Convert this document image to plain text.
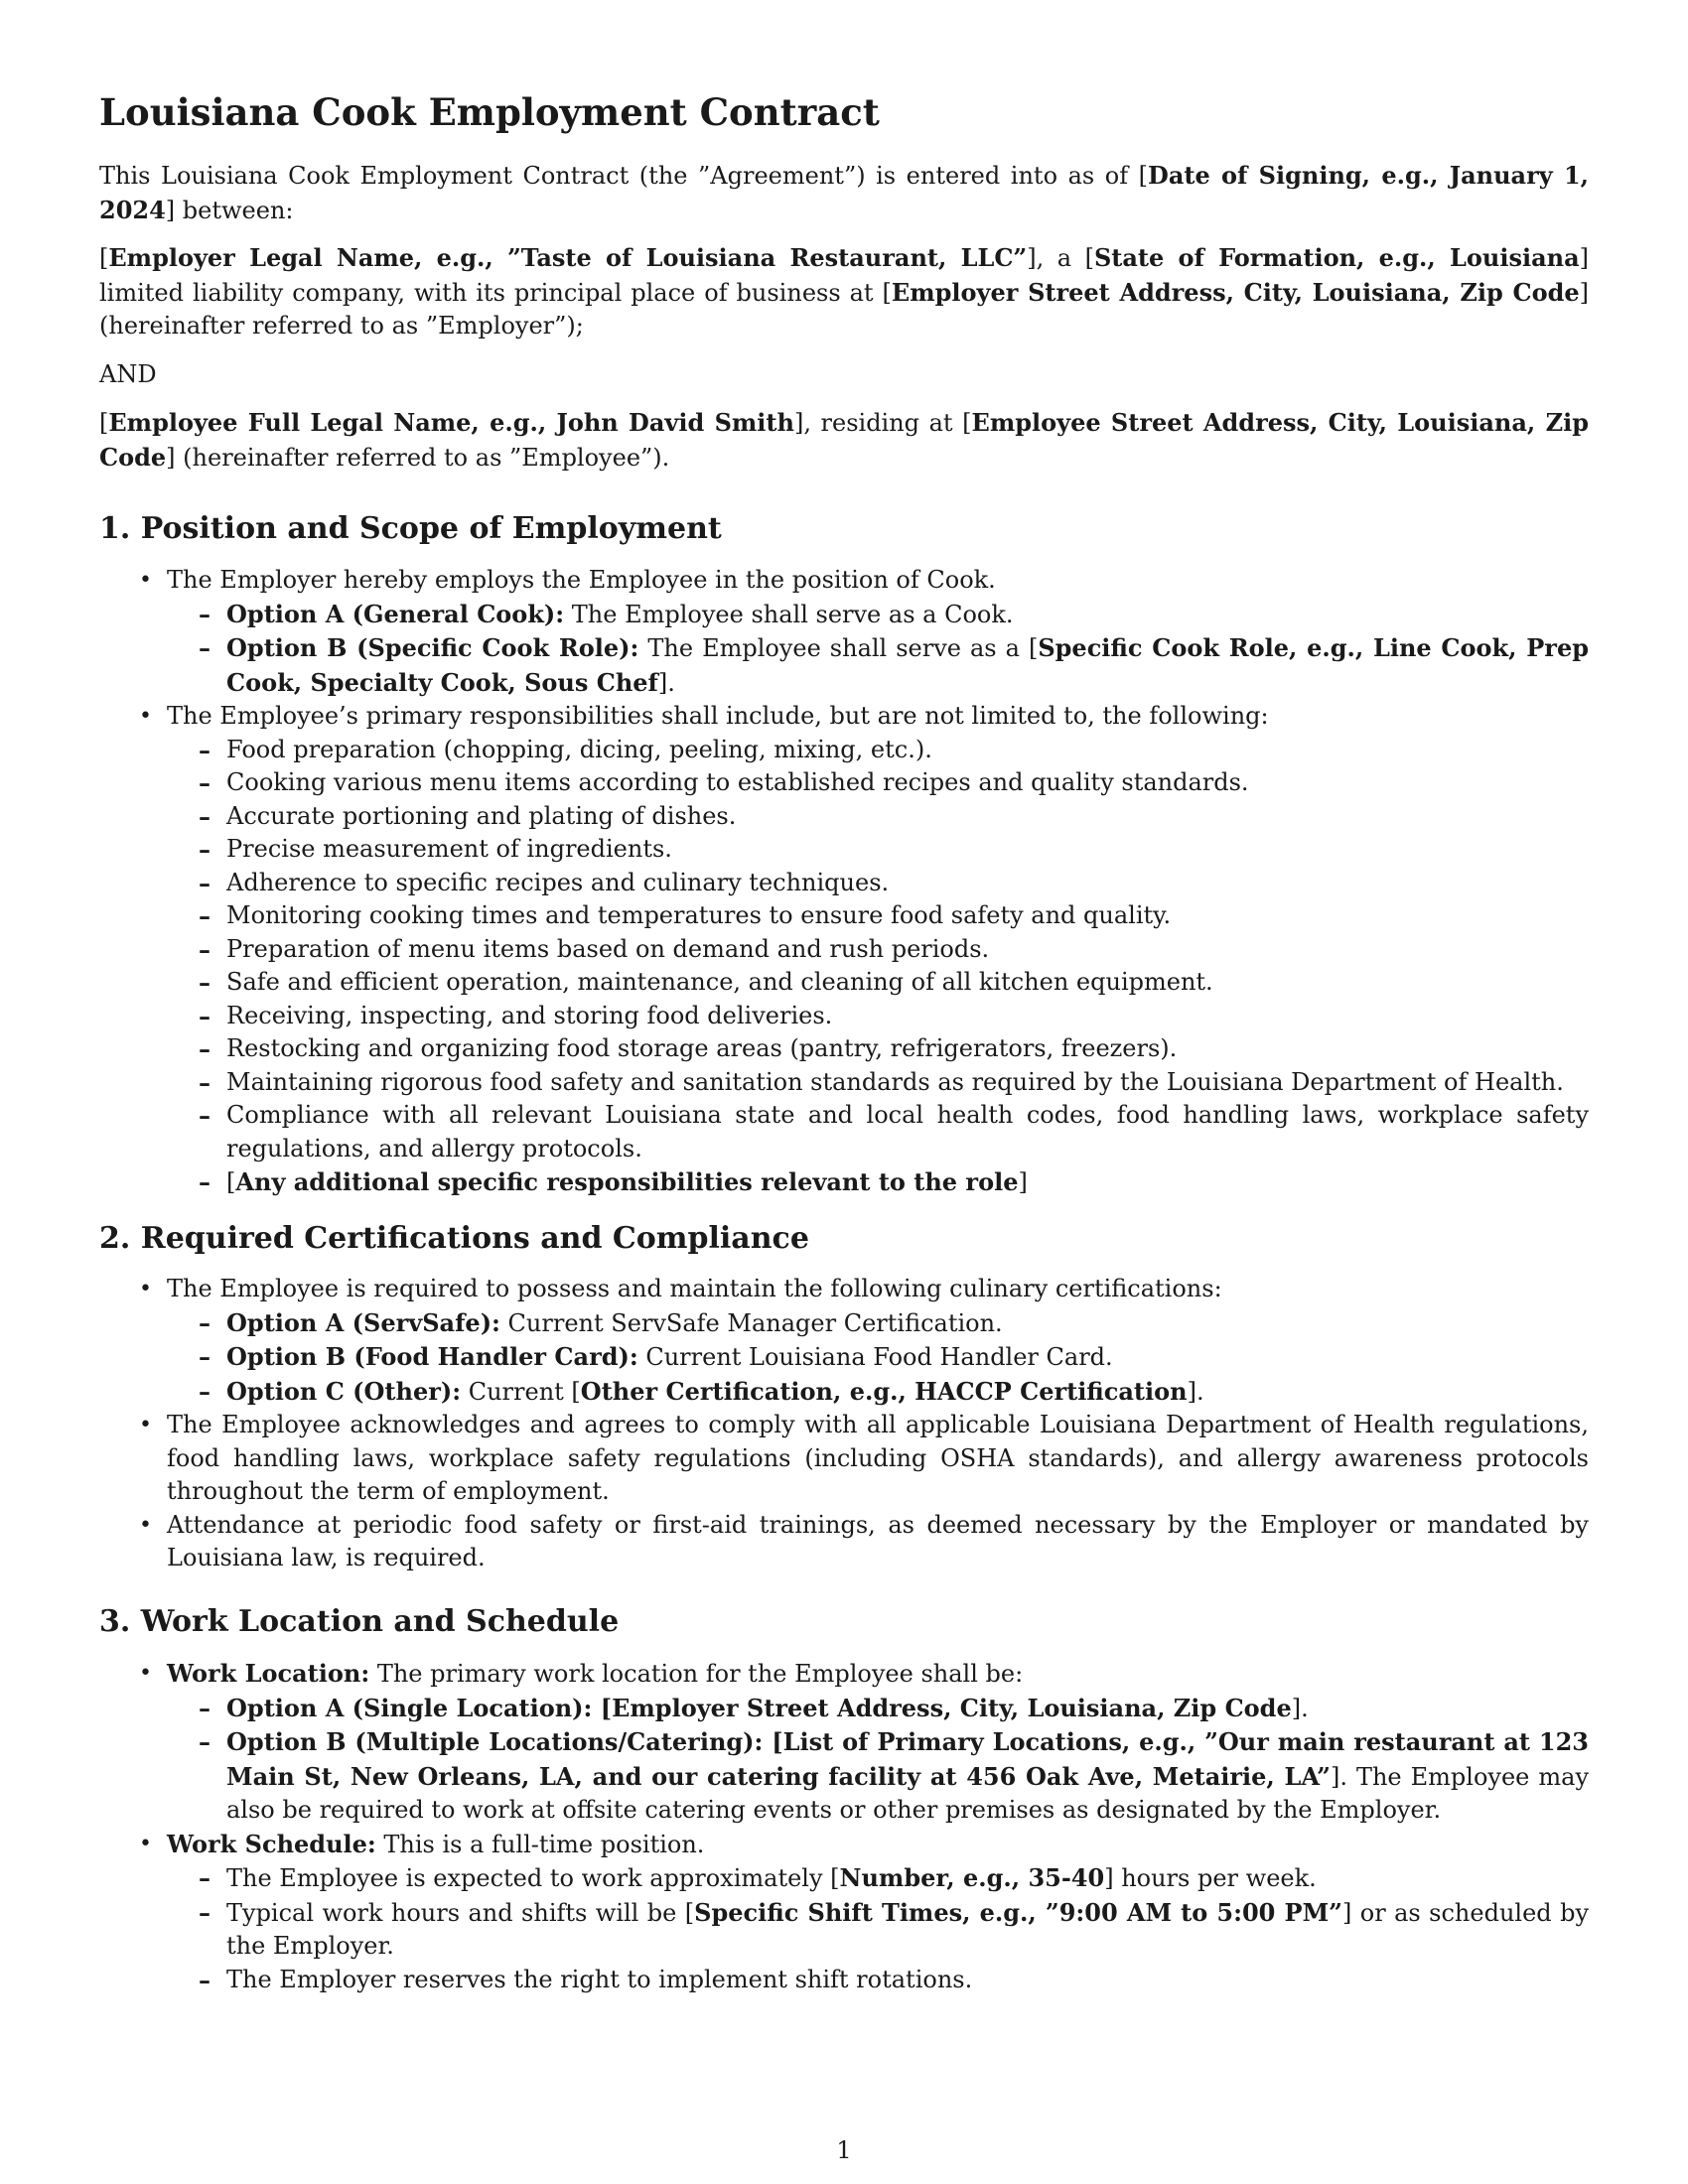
Louisiana Cook Employment Contract

This Louisiana Cook Employment Contract (the ”Agreement”) is entered into as of [Date of Signing, e.g., January 1, 2024] between:

[Employer Legal Name, e.g., ”Taste of Louisiana Restaurant, LLC”], a [State of Formation, e.g., Louisiana] limited liability company, with its principal place of business at [Employer Street Address, City, Louisiana, Zip Code] (hereinafter referred to as ”Employer”);

AND

[Employee Full Legal Name, e.g., John David Smith], residing at [Employee Street Address, City, Louisiana, Zip Code] (hereinafter referred to as ”Employee”).

1. Position and Scope of Employment
• The Employer hereby employs the Employee in the position of Cook.
– Option A (General Cook): The Employee shall serve as a Cook.
– Option B (Specific Cook Role): The Employee shall serve as a [Specific Cook Role, e.g., Line Cook, Prep Cook, Specialty Cook, Sous Chef].
• The Employee’s primary responsibilities shall include, but are not limited to, the following:
– Food preparation (chopping, dicing, peeling, mixing, etc.).
– Cooking various menu items according to established recipes and quality standards.
– Accurate portioning and plating of dishes.
– Precise measurement of ingredients.
– Adherence to specific recipes and culinary techniques.
– Monitoring cooking times and temperatures to ensure food safety and quality.
– Preparation of menu items based on demand and rush periods.
– Safe and efficient operation, maintenance, and cleaning of all kitchen equipment.
– Receiving, inspecting, and storing food deliveries.
– Restocking and organizing food storage areas (pantry, refrigerators, freezers).
– Maintaining rigorous food safety and sanitation standards as required by the Louisiana Department of Health.
– Compliance with all relevant Louisiana state and local health codes, food handling laws, workplace safety regulations, and allergy protocols.
– [Any additional specific responsibilities relevant to the role]
2. Required Certifications and Compliance
• The Employee is required to possess and maintain the following culinary certifications:
– Option A (ServSafe): Current ServSafe Manager Certification.
– Option B (Food Handler Card): Current Louisiana Food Handler Card.
– Option C (Other): Current [Other Certification, e.g., HACCP Certification].
• The Employee acknowledges and agrees to comply with all applicable Louisiana Department of Health regulations, food handling laws, workplace safety regulations (including OSHA standards), and allergy awareness protocols throughout the term of employment.
• Attendance at periodic food safety or first-aid trainings, as deemed necessary by the Employer or mandated by Louisiana law, is required.
3. Work Location and Schedule
• Work Location: The primary work location for the Employee shall be:
– Option A (Single Location): [Employer Street Address, City, Louisiana, Zip Code].
– Option B (Multiple Locations/Catering): [List of Primary Locations, e.g., ”Our main restaurant at 123 Main St, New Orleans, LA, and our catering facility at 456 Oak Ave, Metairie, LA”]. The Employee may also be required to work at offsite catering events or other premises as designated by the Employer.
• Work Schedule: This is a full-time position.
– The Employee is expected to work approximately [Number, e.g., 35-40] hours per week.
– Typical work hours and shifts will be [Specific Shift Times, e.g., ”9:00 AM to 5:00 PM”] or as scheduled by the Employer.
– The Employer reserves the right to implement shift rotations.
1
